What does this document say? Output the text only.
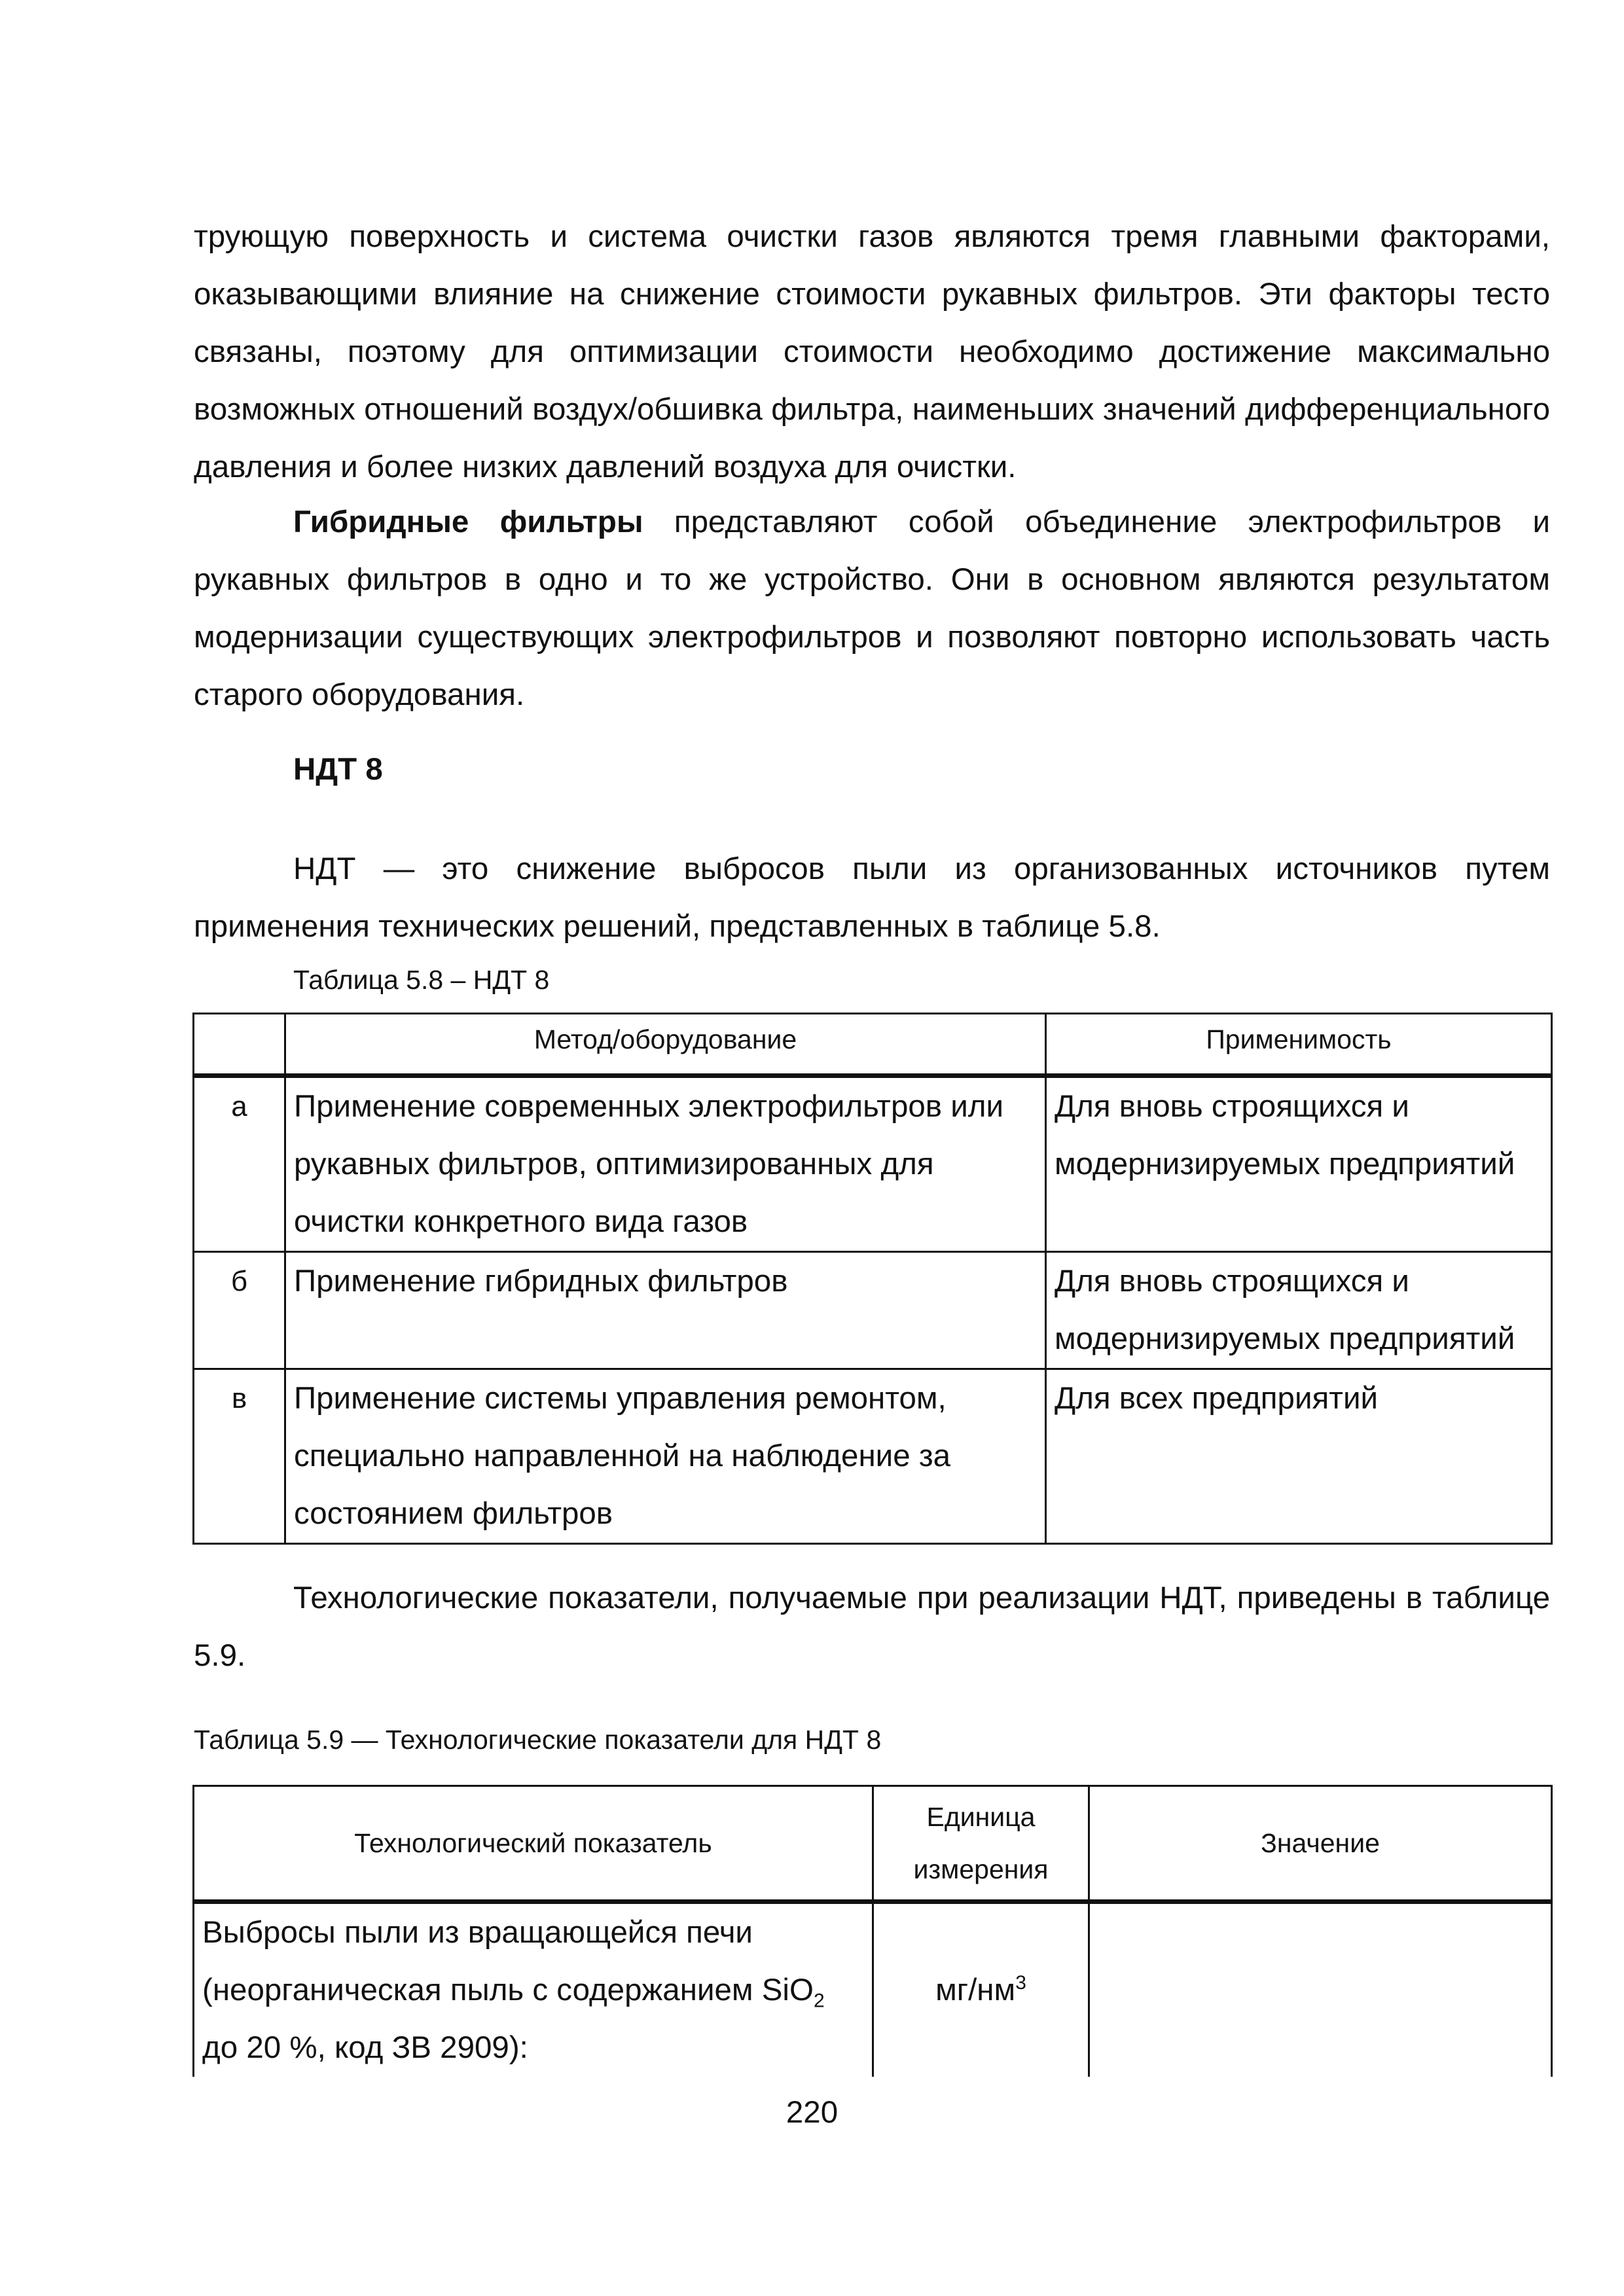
трующую поверхность и система очистки газов являются тремя главными факторами, оказывающими влияние на снижение стоимости рукавных фильтров. Эти факторы тесто связаны, поэтому для оптимизации стоимости необходимо достижение максимально возможных отношений воздух/обшивка фильтра, наименьших значений дифференциального давления и более низких давлений воздуха для очистки.

Гибридные фильтры представляют собой объединение электрофильтров и рукавных фильтров в одно и то же устройство. Они в основном являются результатом модернизации существующих электрофильтров и позволяют повторно использовать часть старого оборудования.

НДТ 8

НДТ — это снижение выбросов пыли из организованных источников путем применения технических решений, представленных в таблице 5.8.

Таблица 5.8 – НДТ 8

	Метод/оборудование	Применимость
а	Применение современных электрофильтров или рукавных фильтров, оптимизированных для очистки конкретного вида газов	Для вновь строящихся и модернизируемых предприятий
б	Применение гибридных фильтров	Для вновь строящихся и модернизируемых предприятий
в	Применение системы управления ремонтом, специально направленной на наблюдение за состоянием фильтров	Для всех предприятий

Технологические показатели, получаемые при реализации НДТ, приведены в таблице 5.9.

Таблица 5.9 — Технологические показатели для НДТ 8

Технологический показатель	Единица измерения	Значение
Выбросы пыли из вращающейся печи (неорганическая пыль с содержанием SiO$_2$ до 20 %, код ЗВ 2909):	$мг/нм^3$	

220
